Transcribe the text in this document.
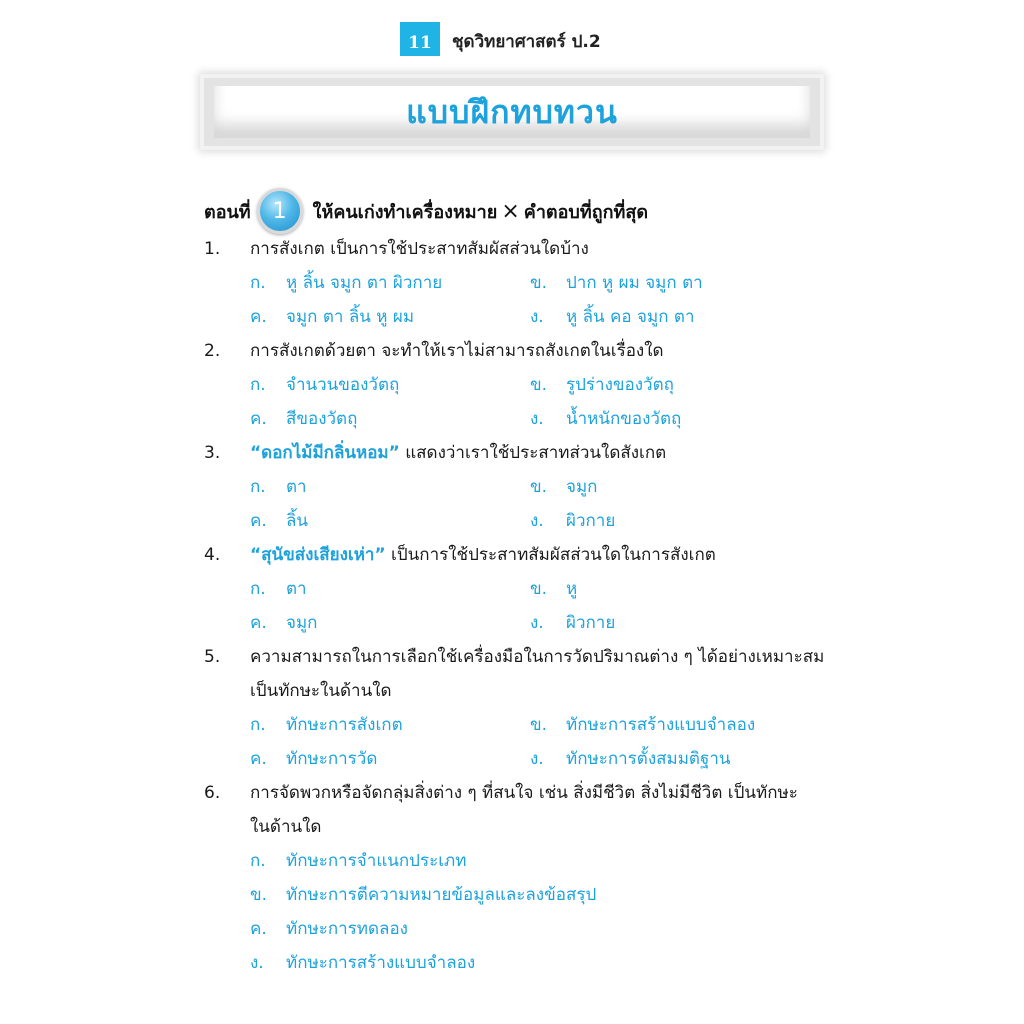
11	ชุดวิทยาศาสตร์ ป.2
แบบฝึกทบทวน
ตอนที่	1	ให้คนเก่งทำเครื่องหมาย × คำตอบที่ถูกที่สุด
1.	การสังเกต เป็นการใช้ประสาทสัมผัสส่วนใดบ้าง
ก.	หู ลิ้น จมูก ตา ผิวกาย	ข.	ปาก หู ผม จมูก ตา
ค.	จมูก ตา ลิ้น หู ผม	ง.	หู ลิ้น คอ จมูก ตา
2.	การสังเกตด้วยตา จะทำให้เราไม่สามารถสังเกตในเรื่องใด
ก.	จำนวนของวัตถุ	ข.	รูปร่างของวัตถุ
ค.	สีของวัตถุ	ง.	น้ำหนักของวัตถุ
3.	“ดอกไม้มีกลิ่นหอม” แสดงว่าเราใช้ประสาทส่วนใดสังเกต
ก.	ตา	ข.	จมูก
ค.	ลิ้น	ง.	ผิวกาย
4.	“สุนัขส่งเสียงเห่า” เป็นการใช้ประสาทสัมผัสส่วนใดในการสังเกต
ก.	ตา	ข.	หู
ค.	จมูก	ง.	ผิวกาย
5.	ความสามารถในการเลือกใช้เครื่องมือในการวัดปริมาณต่าง ๆ ได้อย่างเหมาะสม
เป็นทักษะในด้านใด
ก.	ทักษะการสังเกต	ข.	ทักษะการสร้างแบบจำลอง
ค.	ทักษะการวัด	ง.	ทักษะการตั้งสมมติฐาน
6.	การจัดพวกหรือจัดกลุ่มสิ่งต่าง ๆ ที่สนใจ เช่น สิ่งมีชีวิต สิ่งไม่มีชีวิต เป็นทักษะ
ในด้านใด
ก.	ทักษะการจำแนกประเภท
ข.	ทักษะการตีความหมายข้อมูลและลงข้อสรุป
ค.	ทักษะการทดลอง
ง.	ทักษะการสร้างแบบจำลอง
